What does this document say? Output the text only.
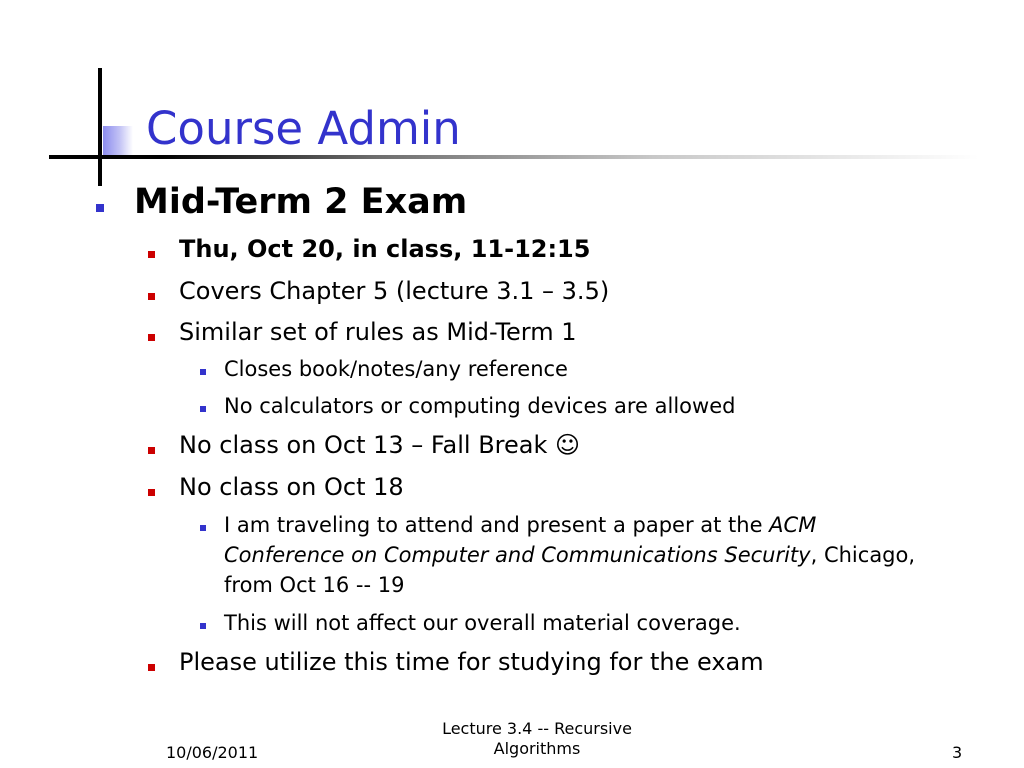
Course Admin
Mid-Term 2 Exam
Thu, Oct 20, in class, 11-12:15
Covers Chapter 5 (lecture 3.1 – 3.5)
Similar set of rules as Mid-Term 1
Closes book/notes/any reference
No calculators or computing devices are allowed
No class on Oct 13 – Fall Break ☺
No class on Oct 18
I am traveling to attend and present a paper at the ACM
Conference on Computer and Communications Security, Chicago,
from Oct 16 -- 19
This will not affect our overall material coverage.
Please utilize this time for studying for the exam
10/06/2011
Lecture 3.4 -- Recursive
Algorithms	3
